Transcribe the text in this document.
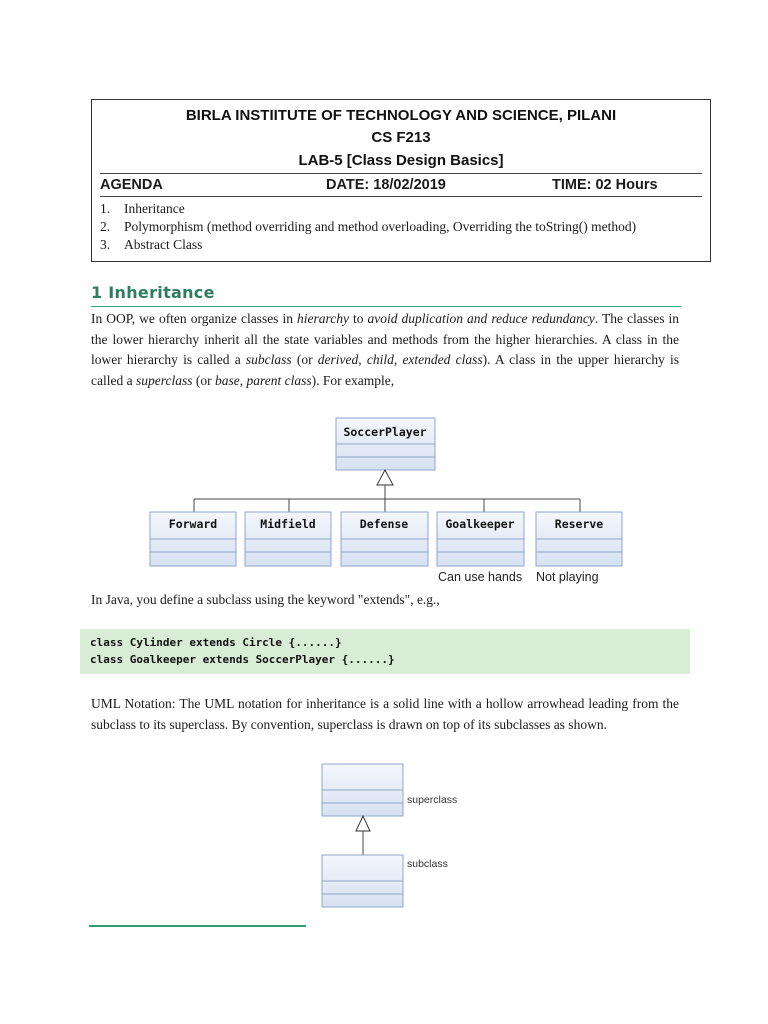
BIRLA INSTIITUTE OF TECHNOLOGY AND SCIENCE, PILANI
CS F213
LAB-5 [Class Design Basics]
AGENDA	DATE: 18/02/2019	TIME: 02 Hours
1. Inheritance
2. Polymorphism (method overriding and method overloading, Overriding the toString() method)
3. Abstract Class
1 Inheritance
In OOP, we often organize classes in hierarchy to avoid duplication and reduce redundancy. The classes in the lower hierarchy inherit all the state variables and methods from the higher hierarchies. A class in the lower hierarchy is called a subclass (or derived, child, extended class). A class in the upper hierarchy is called a superclass (or base, parent class). For example,
SoccerPlayer
Forward	Midfield	Defense	Goalkeeper	Reserve
Can use hands Not playing
superclass
subclass
In Java, you define a subclass using the keyword "extends", e.g.,
class Cylinder extends Circle {......}
class Goalkeeper extends SoccerPlayer {......}
UML Notation: The UML notation for inheritance is a solid line with a hollow arrowhead leading from the subclass to its superclass. By convention, superclass is drawn on top of its subclasses as shown.
